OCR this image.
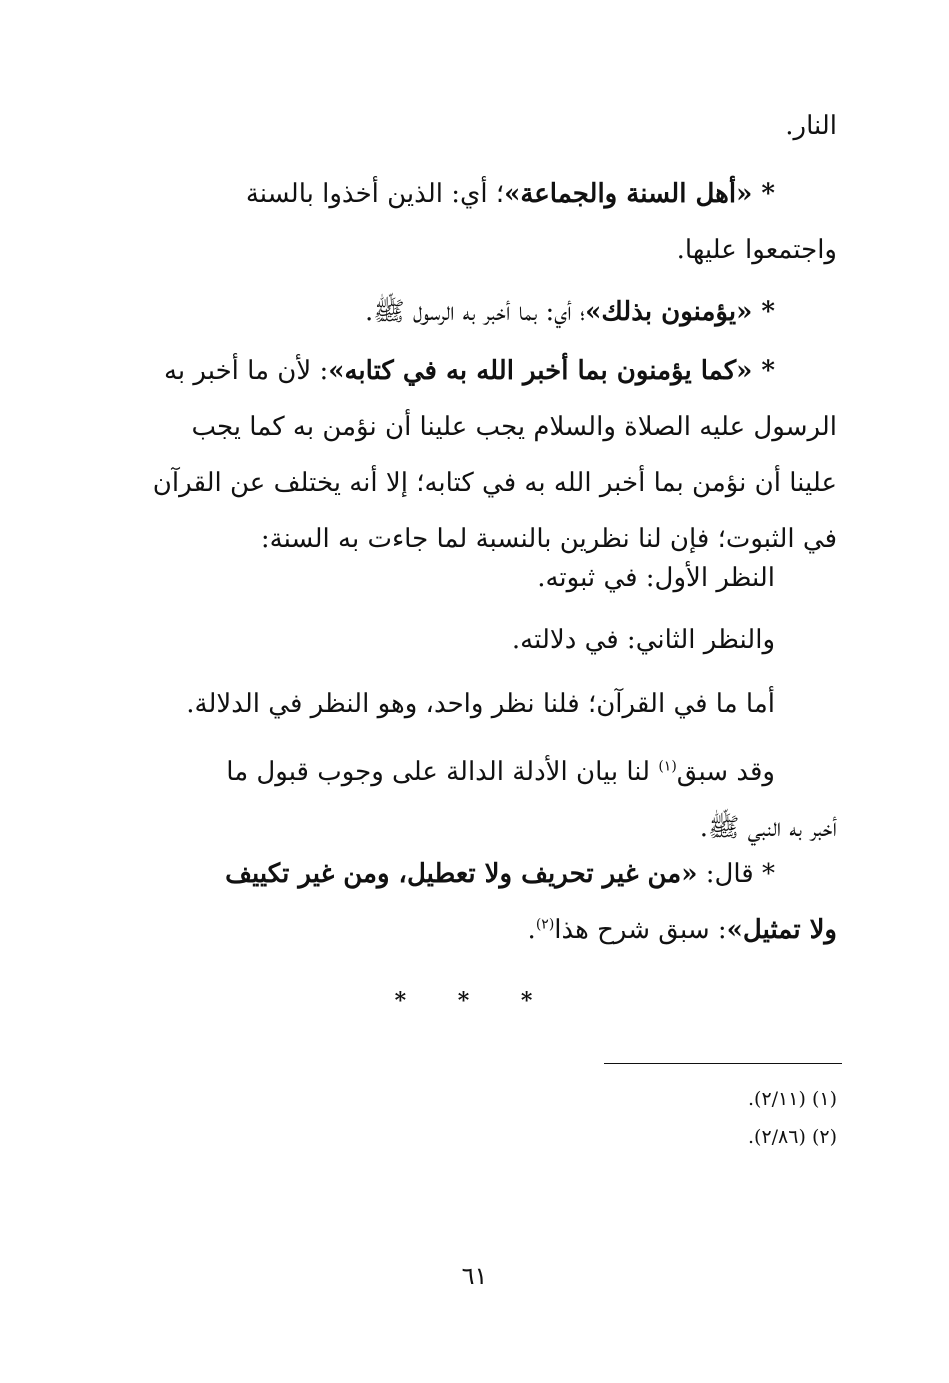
النار.
* «أهل السنة والجماعة»؛ أي: الذين أخذوا بالسنة
واجتمعوا عليها.
* «يؤمنون بذلك»؛ أي: بما أخبر به الرسول ﷺ.
* «كما يؤمنون بما أخبر الله به في كتابه»: لأن ما أخبر به
الرسول عليه الصلاة والسلام يجب علينا أن نؤمن به كما يجب
علينا أن نؤمن بما أخبر الله به في كتابه؛ إلا أنه يختلف عن القرآن
في الثبوت؛ فإن لنا نظرين بالنسبة لما جاءت به السنة:
النظر الأول: في ثبوته.
والنظر الثاني: في دلالته.
أما ما في القرآن؛ فلنا نظر واحد، وهو النظر في الدلالة.
وقد سبق$^{(١)}$ لنا بيان الأدلة الدالة على وجوب قبول ما
أخبر به النبي ﷺ.
* قال: «من غير تحريف ولا تعطيل، ومن غير تكييف
ولا تمثيل»: سبق شرح هذا$^{(٢)}$.
* * *
(١) (٢/١١).
(٢) (٢/٨٦).
٦١
